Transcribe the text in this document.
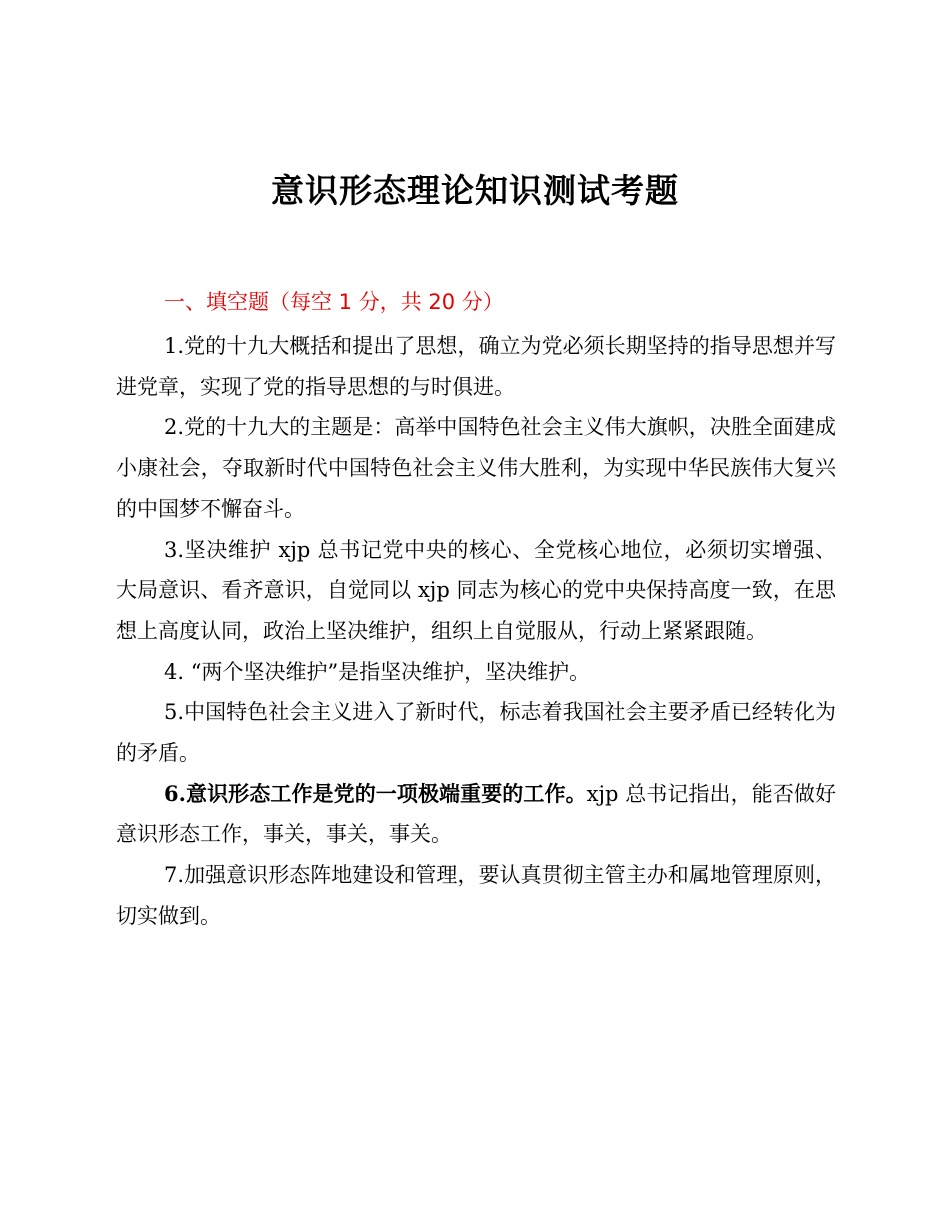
意识形态理论知识测试考题
一、填空题（每空 1 分，共 20 分）

1.党的十九大概括和提出了思想，确立为党必须长期坚持的指导思想并写进党章，实现了党的指导思想的与时俱进。

2.党的十九大的主题是：高举中国特色社会主义伟大旗帜，决胜全面建成小康社会，夺取新时代中国特色社会主义伟大胜利，为实现中华民族伟大复兴的中国梦不懈奋斗。

3.坚决维护 xjp 总书记党中央的核心、全党核心地位，必须切实增强、大局意识、看齐意识，自觉同以 xjp 同志为核心的党中央保持高度一致，在思想上高度认同，政治上坚决维护，组织上自觉服从，行动上紧紧跟随。

4. “两个坚决维护”是指坚决维护，坚决维护。

5.中国特色社会主义进入了新时代，标志着我国社会主要矛盾已经转化为的矛盾。

6.意识形态工作是党的一项极端重要的工作。xjp 总书记指出，能否做好意识形态工作，事关，事关，事关。

7.加强意识形态阵地建设和管理，要认真贯彻主管主办和属地管理原则，切实做到。
